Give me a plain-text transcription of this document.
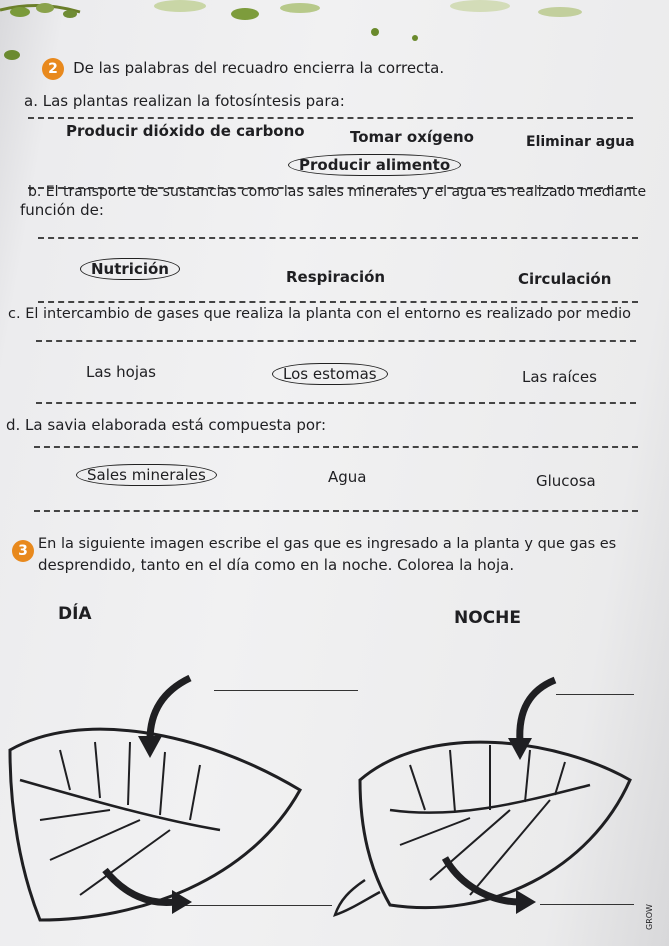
2 De las palabras del recuadro encierra la correcta.
a. Las plantas realizan la fotosíntesis para:
Producir dióxido de carbono	Tomar oxígeno	Eliminar agua
Producir alimento
b. El transporte de sustancias como las sales minerales y el agua es realizado mediante
función de:
Nutrición	Respiración	Circulación
c. El intercambio de gases que realiza la planta con el entorno es realizado por medio
Las hojas	Los estomas	Las raíces
d. La savia elaborada está compuesta por:
Sales minerales	Agua	Glucosa
3 En la siguiente imagen escribe el gas que es ingresado a la planta y que gas es
desprendido, tanto en el día como en la noche. Colorea la hoja.
DÍA	NOCHE
GROW
